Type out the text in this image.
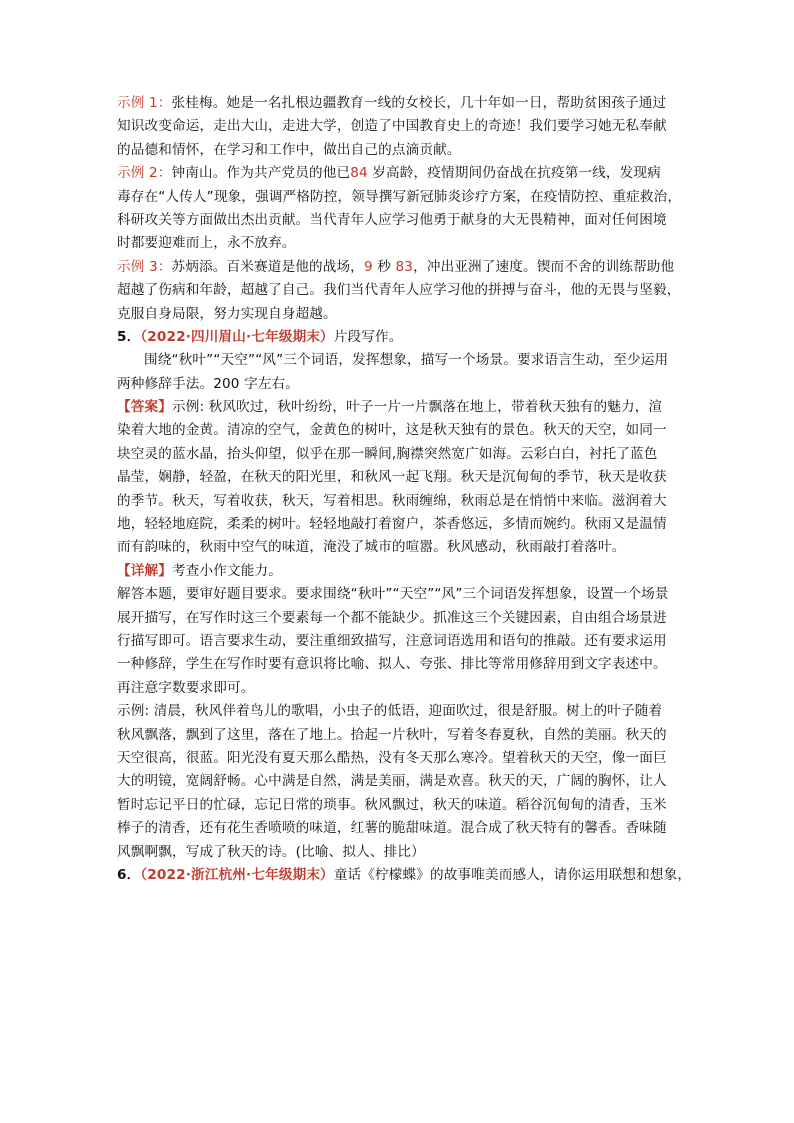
示例 1：张桂梅。她是一名扎根边疆教育一线的女校长，几十年如一日，帮助贫困孩子通过
知识改变命运，走出大山，走进大学，创造了中国教育史上的奇迹！我们要学习她无私奉献
的品德和情怀，在学习和工作中，做出自己的点滴贡献。
示例 2：钟南山。作为共产党员的他已84 岁高龄，疫情期间仍奋战在抗疫第一线，发现病
毒存在“人传人”现象，强调严格防控，领导撰写新冠肺炎诊疗方案，在疫情防控、重症救治，
科研攻关等方面做出杰出贡献。当代青年人应学习他勇于献身的大无畏精神，面对任何困境
时都要迎难而上，永不放弃。
示例 3：苏炳添。百米赛道是他的战场，9 秒 83，冲出亚洲了速度。锲而不舍的训练帮助他
超越了伤病和年龄，超越了自己。我们当代青年人应学习他的拼搏与奋斗，他的无畏与坚毅，
克服自身局限，努力实现自身超越。
5．（2022·四川眉山·七年级期末）片段写作。
围绕“秋叶”“天空”“风”三个词语，发挥想象，描写一个场景。要求语言生动，至少运用
两种修辞手法。200 字左右。
【答案】示例: 秋风吹过，秋叶纷纷，叶子一片一片飘落在地上，带着秋天独有的魅力，渲
染着大地的金黄。清凉的空气，金黄色的树叶，这是秋天独有的景色。秋天的天空，如同一
块空灵的蓝水晶，抬头仰望，似乎在那一瞬间,胸襟突然宽广如海。云彩白白，衬托了蓝色
晶莹，娴静，轻盈，在秋天的阳光里，和秋风一起飞翔。秋天是沉甸甸的季节，秋天是收获
的季节。秋天，写着收获，秋天，写着相思。秋雨缠绵，秋雨总是在悄悄中来临。滋润着大
地，轻轻地庭院，柔柔的树叶。轻轻地敲打着窗户，茶香悠远，多情而婉约。秋雨又是温情
而有韵味的，秋雨中空气的味道，淹没了城市的喧嚣。秋风感动，秋雨敲打着落叶。
【详解】考查小作文能力。
解答本题，要审好题目要求。要求围绕“秋叶”“天空”“风”三个词语发挥想象，设置一个场景
展开描写，在写作时这三个要素每一个都不能缺少。抓准这三个关键因素，自由组合场景进
行描写即可。语言要求生动，要注重细致描写，注意词语选用和语句的推敲。还有要求运用
一种修辞，学生在写作时要有意识将比喻、拟人、夸张、排比等常用修辞用到文字表述中。
再注意字数要求即可。
示例: 清晨，秋风伴着鸟儿的歌唱，小虫子的低语，迎面吹过，很是舒服。树上的叶子随着
秋风飘落，飘到了这里，落在了地上。拾起一片秋叶，写着冬春夏秋，自然的美丽。秋天的
天空很高，很蓝。阳光没有夏天那么酷热，没有冬天那么寒冷。望着秋天的天空，像一面巨
大的明镜，宽阔舒畅。心中满是自然，满是美丽，满是欢喜。秋天的天，广阔的胸怀，让人
暂时忘记平日的忙碌，忘记日常的琐事。秋风飘过，秋天的味道。稻谷沉甸甸的清香，玉米
棒子的清香，还有花生香喷喷的味道，红薯的脆甜味道。混合成了秋天特有的馨香。香味随
风飘啊飘，写成了秋天的诗。(比喻、拟人、排比）
6．（2022·浙江杭州·七年级期末）童话《柠檬蝶》的故事唯美而感人，请你运用联想和想象，
